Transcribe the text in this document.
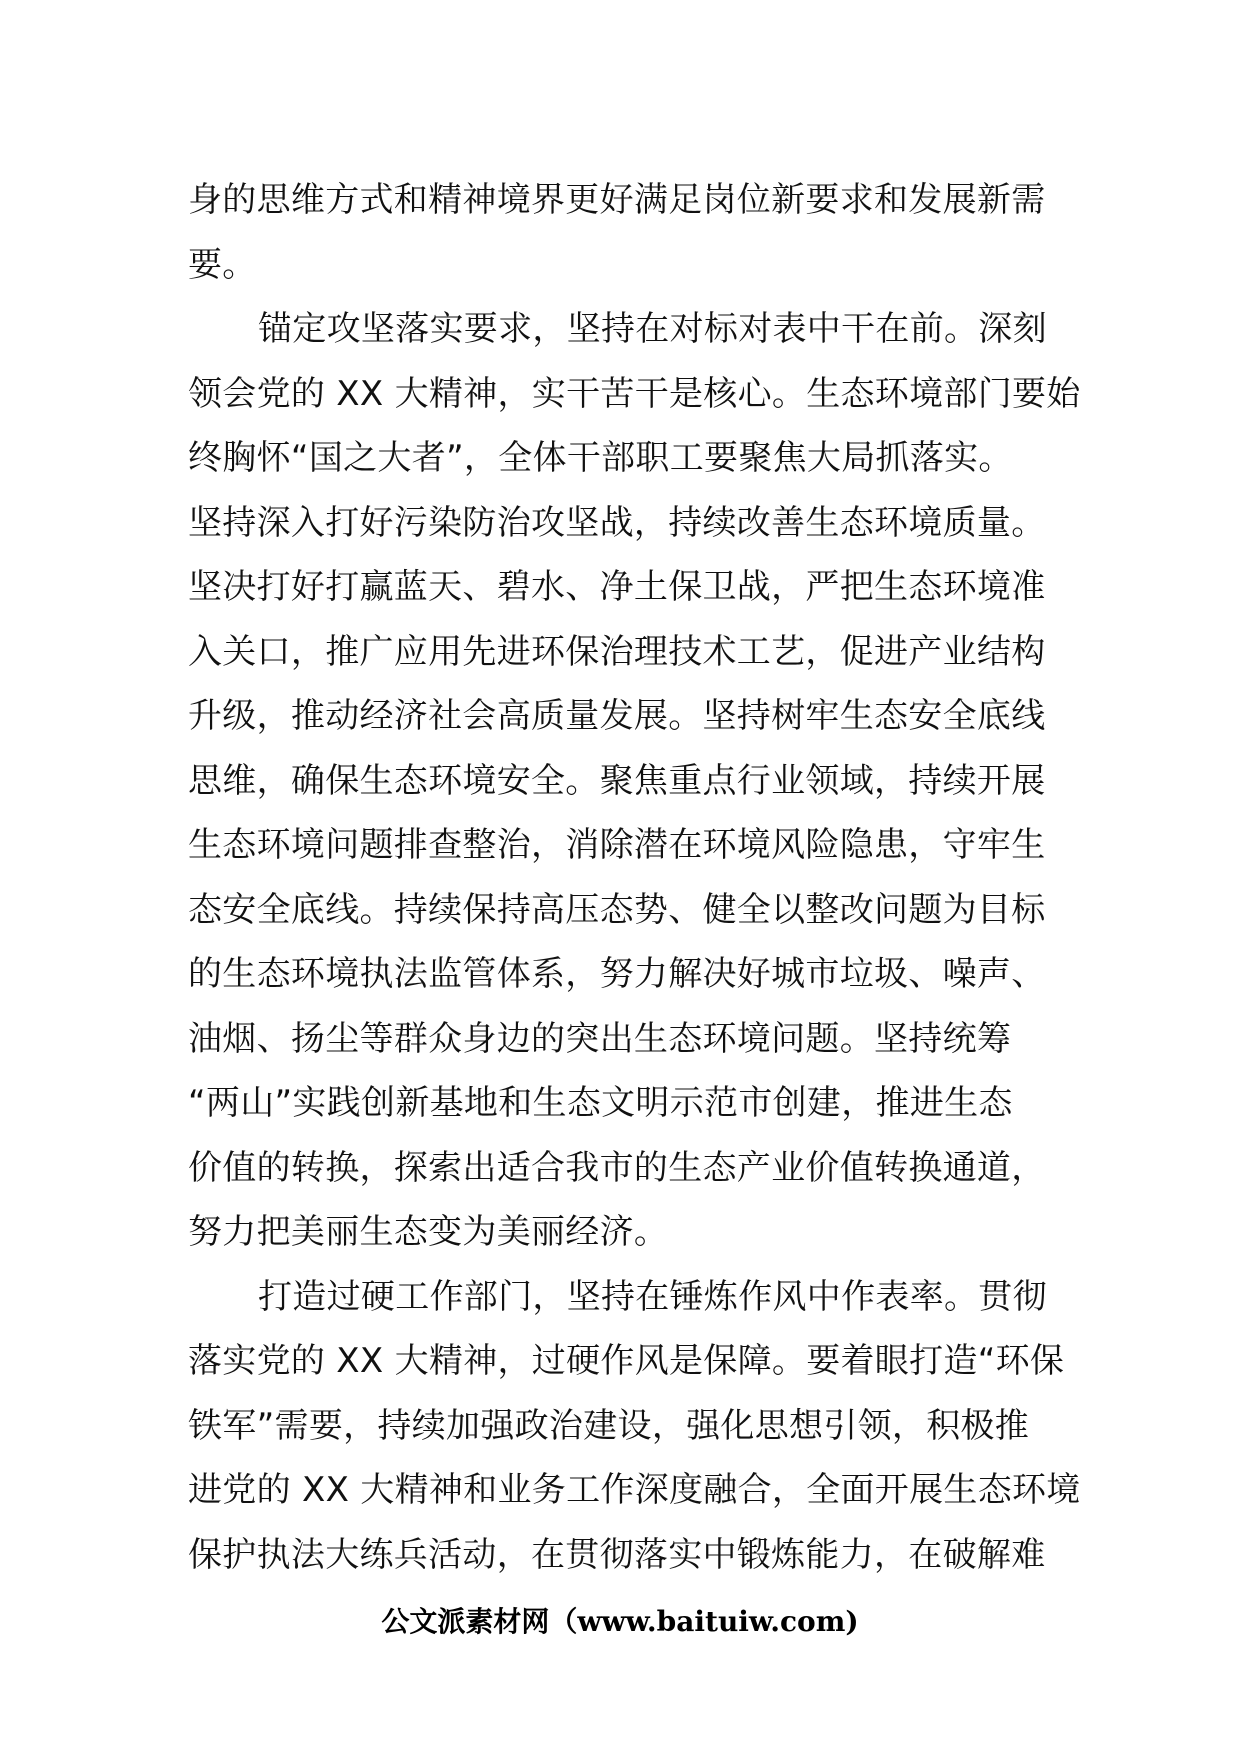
身的思维方式和精神境界更好满足岗位新要求和发展新需
要。
锚定攻坚落实要求，坚持在对标对表中干在前。深刻
领会党的 XX 大精神，实干苦干是核心。生态环境部门要始
终胸怀“国之大者”，全体干部职工要聚焦大局抓落实。
坚持深入打好污染防治攻坚战，持续改善生态环境质量。
坚决打好打赢蓝天、碧水、净土保卫战，严把生态环境准
入关口，推广应用先进环保治理技术工艺，促进产业结构
升级，推动经济社会高质量发展。坚持树牢生态安全底线
思维，确保生态环境安全。聚焦重点行业领域，持续开展
生态环境问题排查整治，消除潜在环境风险隐患，守牢生
态安全底线。持续保持高压态势、健全以整改问题为目标
的生态环境执法监管体系，努力解决好城市垃圾、噪声、
油烟、扬尘等群众身边的突出生态环境问题。坚持统筹
“两山”实践创新基地和生态文明示范市创建，推进生态
价值的转换，探索出适合我市的生态产业价值转换通道，
努力把美丽生态变为美丽经济。
打造过硬工作部门，坚持在锤炼作风中作表率。贯彻
落实党的 XX 大精神，过硬作风是保障。要着眼打造“环保
铁军”需要，持续加强政治建设，强化思想引领，积极推
进党的 XX 大精神和业务工作深度融合，全面开展生态环境
保护执法大练兵活动，在贯彻落实中锻炼能力，在破解难
公文派素材网（www.baituiw.com)
